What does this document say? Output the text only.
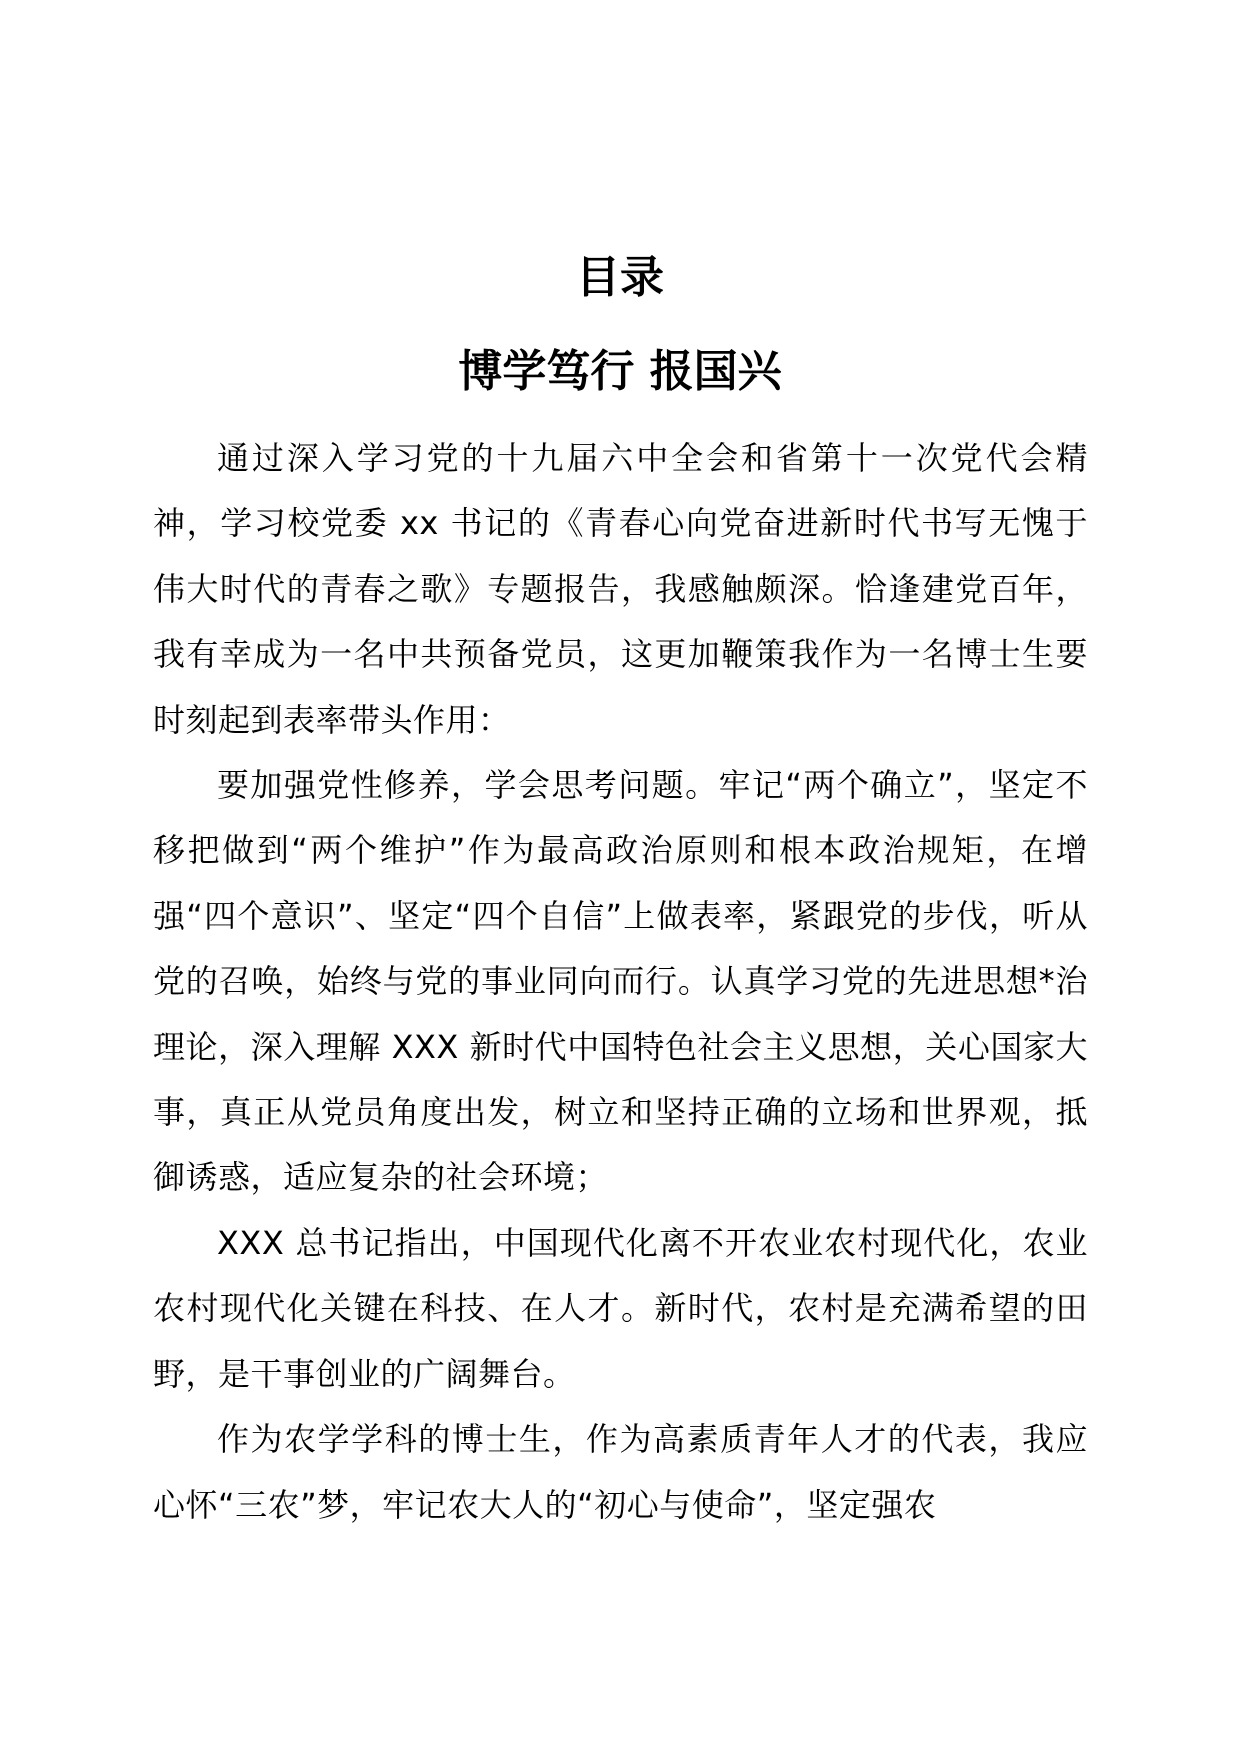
目录
博学笃行 报国兴

通过深入学习党的十九届六中全会和省第十一次党代会精神，学习校党委 xx 书记的《青春心向党奋进新时代书写无愧于伟大时代的青春之歌》专题报告，我感触颇深。恰逢建党百年，我有幸成为一名中共预备党员，这更加鞭策我作为一名博士生要时刻起到表率带头作用：

要加强党性修养，学会思考问题。牢记“两个确立”，坚定不移把做到“两个维护”作为最高政治原则和根本政治规矩，在增强“四个意识”、坚定“四个自信”上做表率，紧跟党的步伐，听从党的召唤，始终与党的事业同向而行。认真学习党的先进思想*治理论，深入理解 XXX 新时代中国特色社会主义思想，关心国家大事，真正从党员角度出发，树立和坚持正确的立场和世界观，抵御诱惑，适应复杂的社会环境；

XXX 总书记指出，中国现代化离不开农业农村现代化，农业农村现代化关键在科技、在人才。新时代，农村是充满希望的田野，是干事创业的广阔舞台。

作为农学学科的博士生，作为高素质青年人才的代表，我应心怀“三农”梦，牢记农大人的“初心与使命”，坚定强农
